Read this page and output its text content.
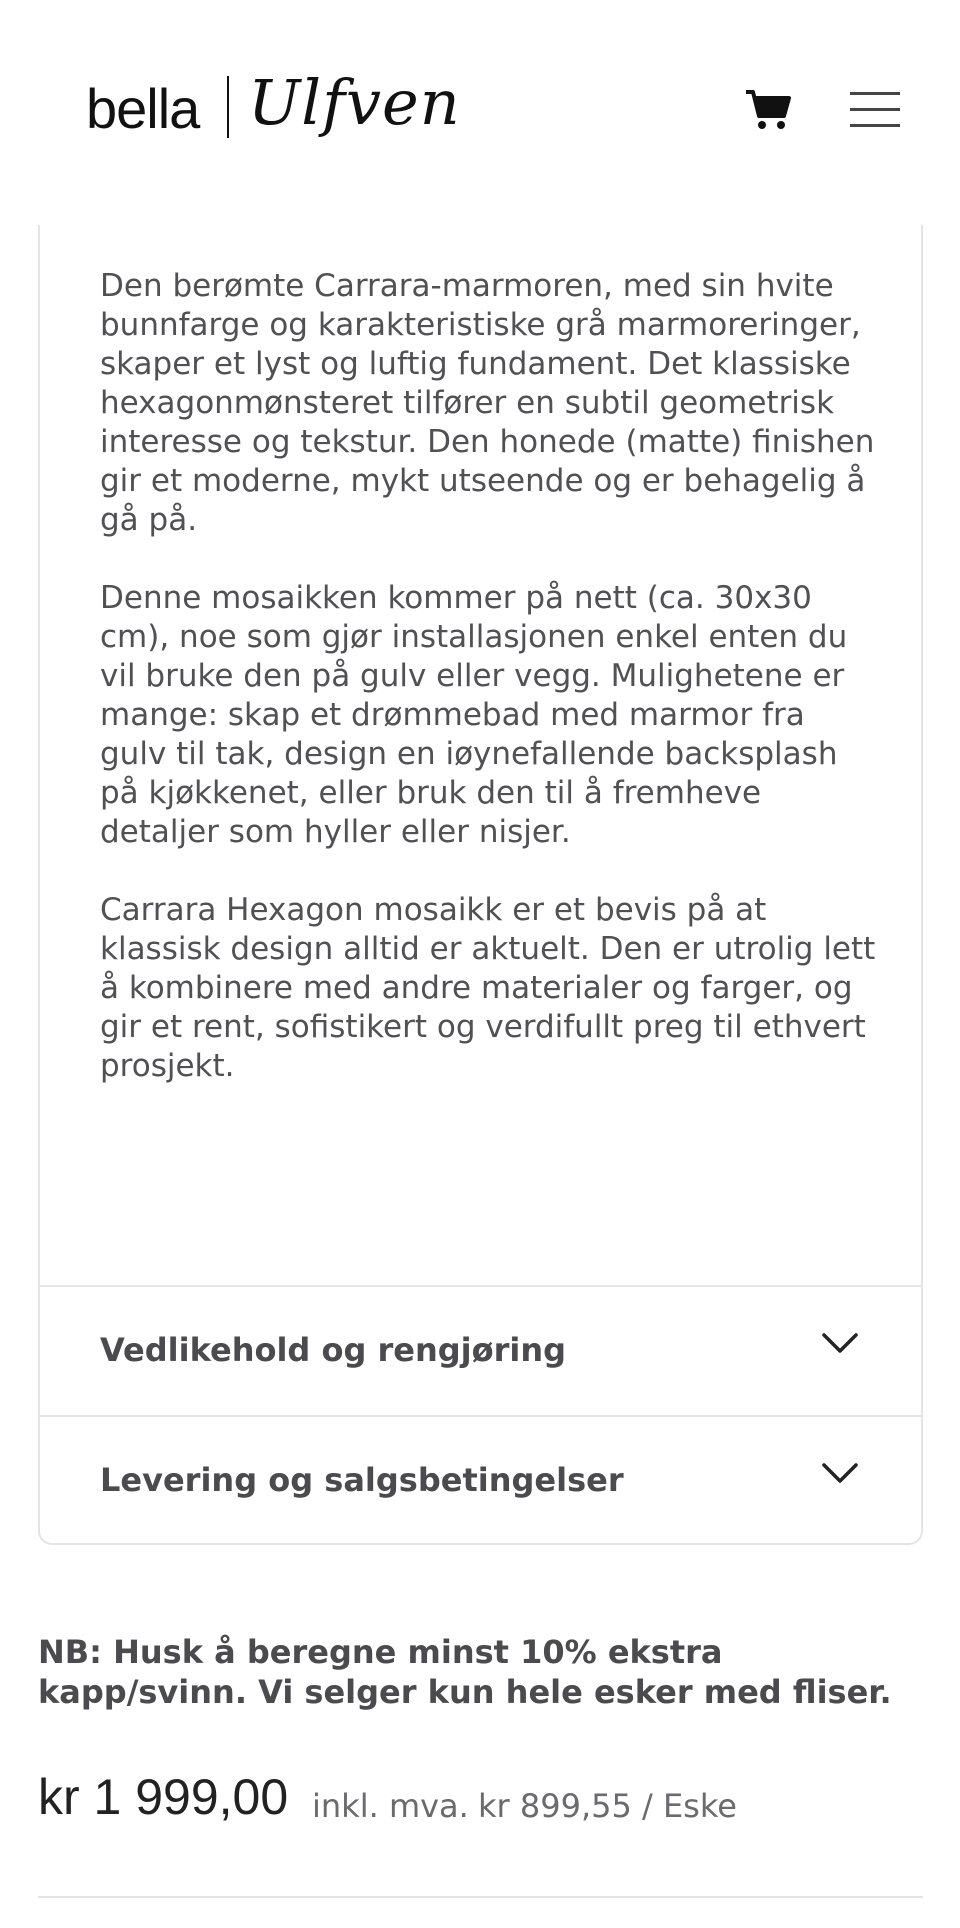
bella Ulfven

Den berømte Carrara-marmoren, med sin hvite bunnfarge og karakteristiske grå marmoreringer, skaper et lyst og luftig fundament. Det klassiske hexagonmønsteret tilfører en subtil geometrisk interesse og tekstur. Den honede (matte) finishen gir et moderne, mykt utseende og er behagelig å gå på.

Denne mosaikken kommer på nett (ca. 30x30 cm), noe som gjør installasjonen enkel enten du vil bruke den på gulv eller vegg. Mulighetene er mange: skap et drømmebad med marmor fra gulv til tak, design en iøynefallende backsplash på kjøkkenet, eller bruk den til å fremheve detaljer som hyller eller nisjer.

Carrara Hexagon mosaikk er et bevis på at klassisk design alltid er aktuelt. Den er utrolig lett å kombinere med andre materialer og farger, og gir et rent, sofistikert og verdifullt preg til ethvert prosjekt.

Vedlikehold og rengjøring
Levering og salgsbetingelser
NB: Husk å beregne minst 10% ekstra kapp/svinn. Vi selger kun hele esker med fliser.
kr 1 999,00 inkl. mva. kr 899,55 / Eske
